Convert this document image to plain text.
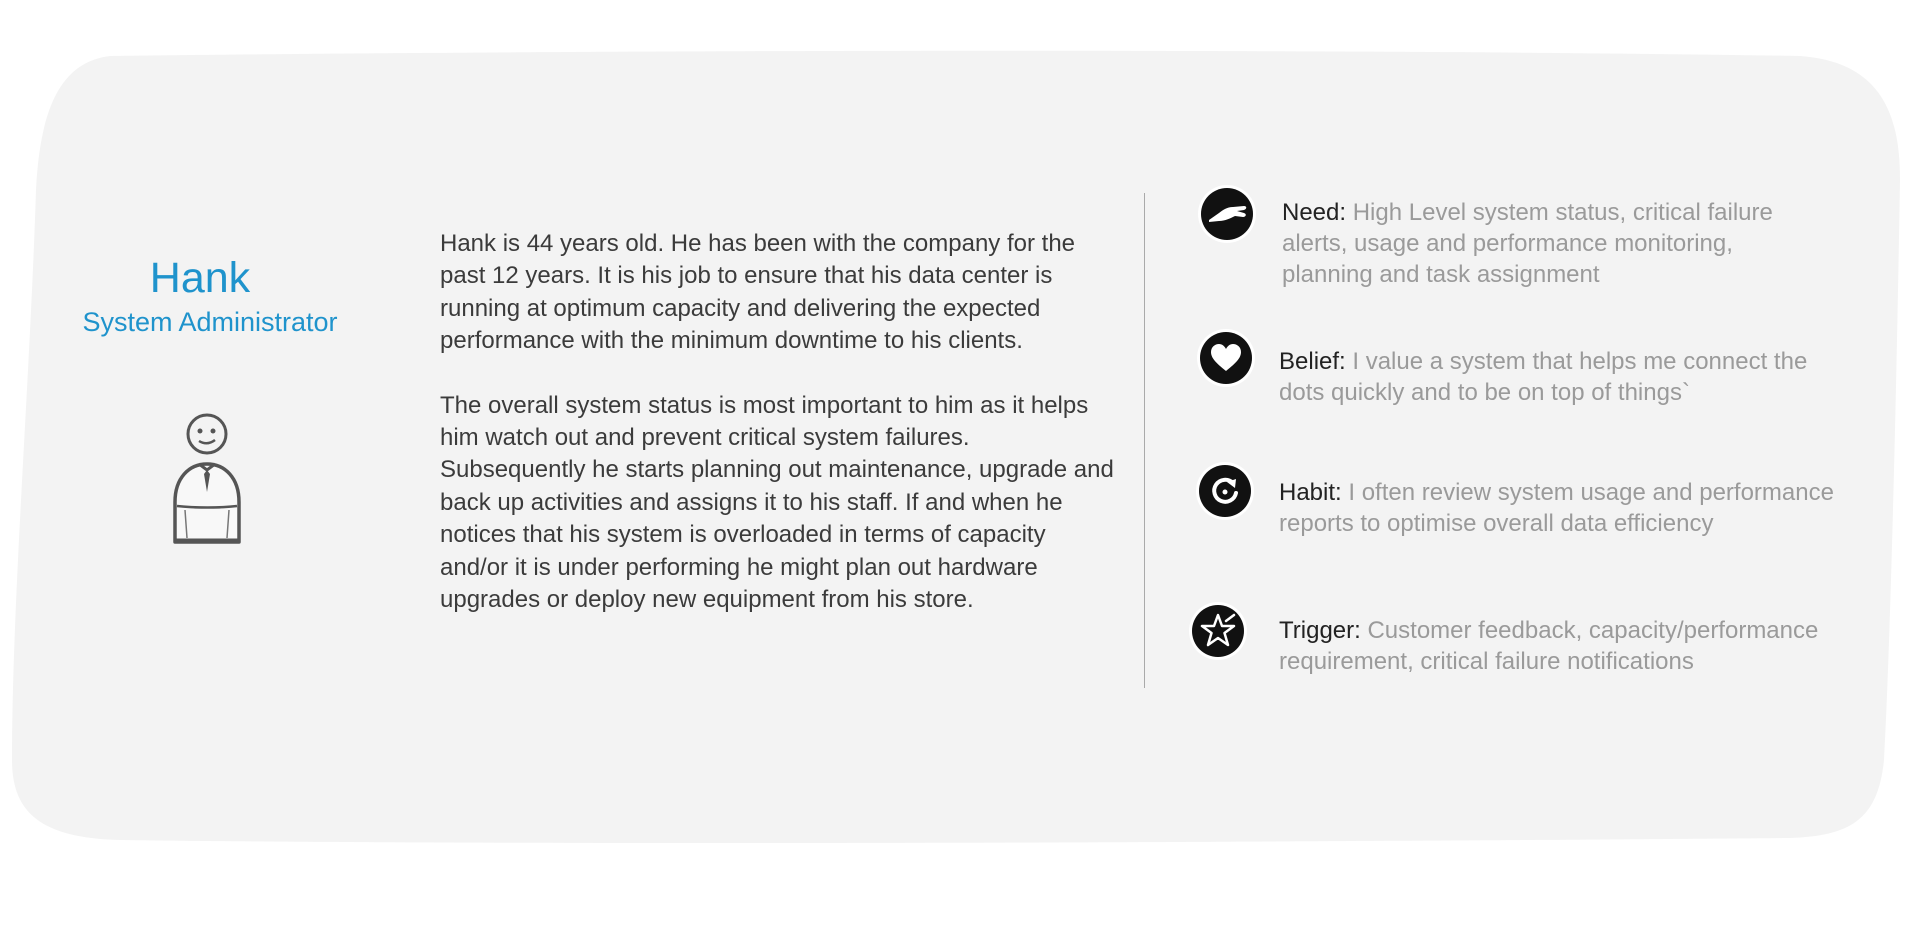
Hank
System Administrator

Hank is 44 years old. He has been with the company for the past 12 years. It is his job to ensure that his data center is running at optimum capacity and delivering the expected performance with the minimum downtime to his clients.

The overall system status is most important to him as it helps him watch out and prevent critical system failures. Subsequently he starts planning out maintenance, upgrade and back up activities and assigns it to his staff. If and when he notices that his system is overloaded in terms of capacity and/or it is under performing he might plan out hardware upgrades or deploy new equipment from his store.

Need: High Level system status, critical failure alerts, usage and performance monitoring, planning and task assignment
Belief: I value a system that helps me connect the dots quickly and to be on top of things`
Habit: I often review system usage and performance reports to optimise overall data efficiency
Trigger: Customer feedback, capacity/performance requirement, critical failure notifications
